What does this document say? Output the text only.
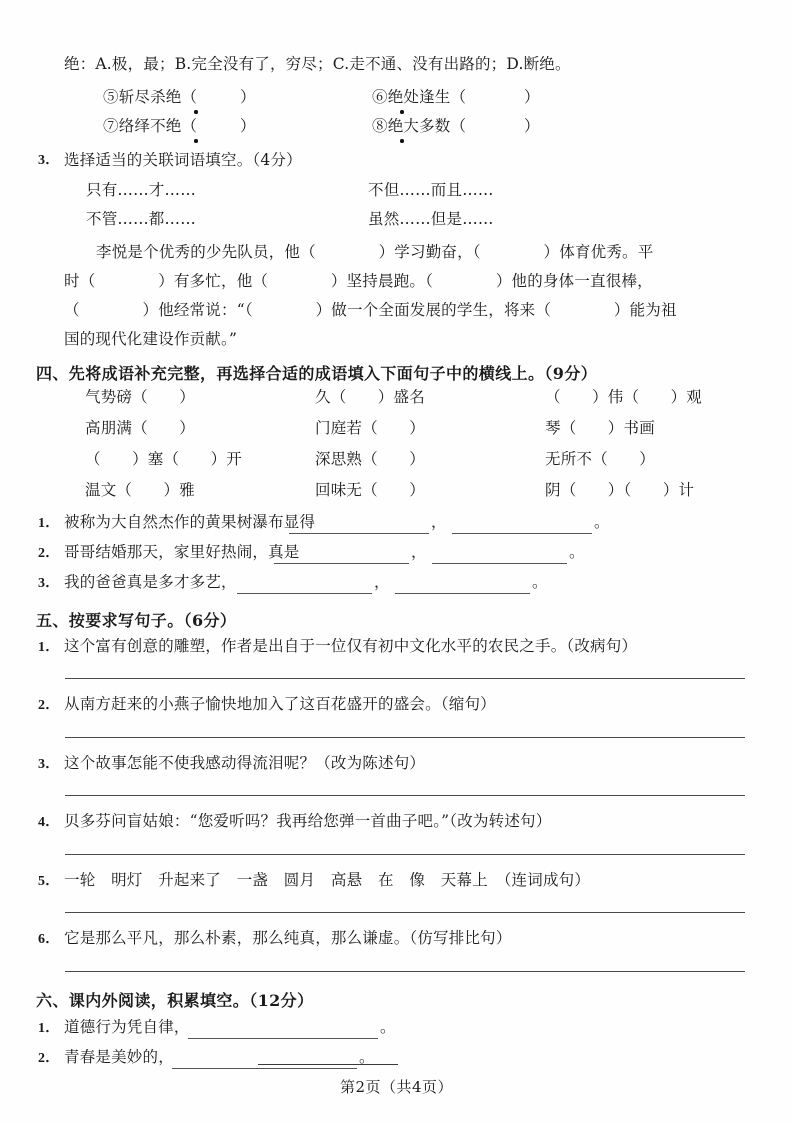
绝：A.极，最；B.完全没有了，穷尽；C.走不通、没有出路的；D.断绝。
⑤斩尽杀绝（	）	⑥绝处逢生（	）
⑦络绎不绝（	）	⑧绝大多数（	）
3． 选择适当的关联词语填空。（4分）
只有……才……	不但……而且……
不管……都……	虽然……但是……
李悦是个优秀的少先队员，他（　　　　）学习勤奋，（　　　　）体育优秀。平
时（　　　　）有多忙，他（　　　　）坚持晨跑。（　　　　）他的身体一直很棒，
（　　　　）他经常说：“（　　　　）做一个全面发展的学生，将来（　　　　）能为祖
国的现代化建设作贡献。”
四、先将成语补充完整，再选择合适的成语填入下面句子中的横线上。（9分）
气势磅（　　）	久（　　）盛名	（　　）伟（　　）观
高朋满（　　）	门庭若（　　）	琴（　　）书画
（　　）塞（　　）开	深思熟（　　）	无所不（　　）
温文（　　）雅	回味无（　　）	阴（　　）（　　）计
1． 被称为大自然杰作的黄果树瀑布显得	，	。
2． 哥哥结婚那天，家里好热闹，真是	，	。
3． 我的爸爸真是多才多艺，	，	。
五、按要求写句子。（6分）
1． 这个富有创意的雕塑，作者是出自于一位仅有初中文化水平的农民之手。（改病句）
2． 从南方赶来的小燕子愉快地加入了这百花盛开的盛会。（缩句）
3． 这个故事怎能不使我感动得流泪呢？（改为陈述句）
4． 贝多芬问盲姑娘：“您爱听吗？我再给您弹一首曲子吧。”（改为转述句）
5． 一轮　明灯　升起来了　一盏　圆月　高悬　在　像　天幕上　（连词成句）
6． 它是那么平凡，那么朴素，那么纯真，那么谦虚。（仿写排比句）
六、课内外阅读，积累填空。（12分）
1． 道德行为凭自律，	。
2． 青春是美妙的，	。
第2页（共4页）
